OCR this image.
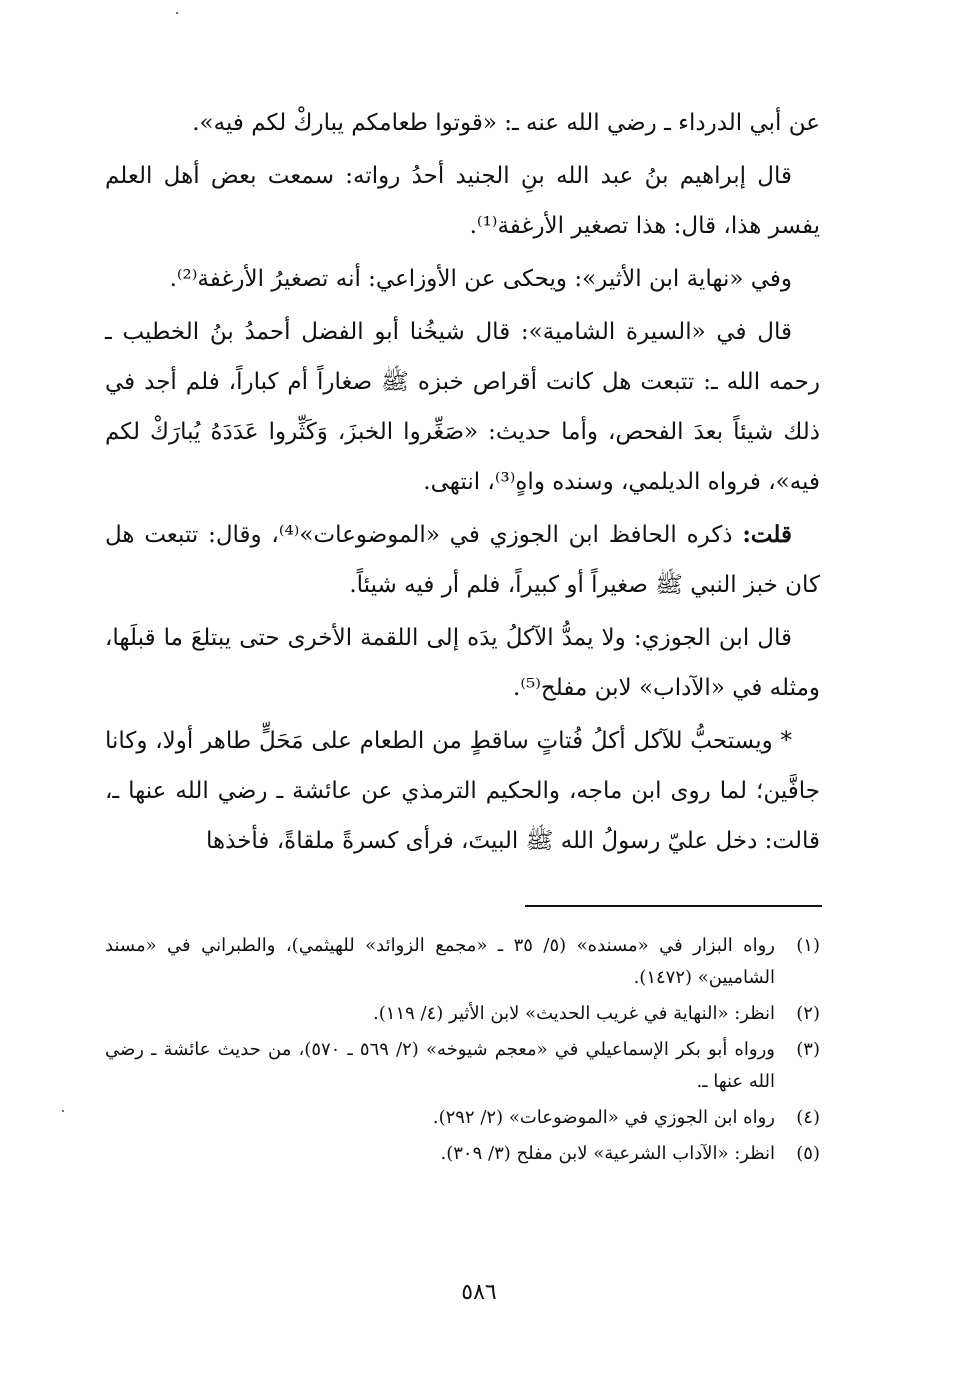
عن أبي الدرداء ـ رضي الله عنه ـ: «قوتوا طعامكم يباركْ لكم فيه».

قال إبراهيم بنُ عبد الله بنِ الجنيد أحدُ رواته: سمعت بعض أهل العلم يفسر هذا، قال: هذا تصغير الأرغفة⁽¹⁾.

وفي «نهاية ابن الأثير»: ويحكى عن الأوزاعي: أنه تصغيرُ الأرغفة⁽²⁾.

قال في «السيرة الشامية»: قال شيخُنا أبو الفضل أحمدُ بنُ الخطيب ـ رحمه الله ـ: تتبعت هل كانت أقراص خبزه ﷺ صغاراً أم كباراً، فلم أجد في ذلك شيئاً بعدَ الفحص، وأما حديث: «صَغِّروا الخبزَ، وَكَثِّروا عَدَدَهُ يُبارَكْ لكم فيه»، فرواه الديلمي، وسنده واهٍ⁽³⁾، انتهى.

قلت: ذكره الحافظ ابن الجوزي في «الموضوعات»⁽⁴⁾، وقال: تتبعت هل كان خبز النبي ﷺ صغيراً أو كبيراً، فلم أر فيه شيئاً.

قال ابن الجوزي: ولا يمدُّ الآكلُ يدَه إلى اللقمة الأخرى حتى يبتلعَ ما قبلَها، ومثله في «الآداب» لابن مفلح⁽⁵⁾.

* ويستحبُّ للآكل أكلُ فُتاتٍ ساقطٍ من الطعام على مَحَلٍّ طاهر أولا، وكانا جافَّين؛ لما روى ابن ماجه، والحكيم الترمذي عن عائشة ـ رضي الله عنها ـ، قالت: دخل عليّ رسولُ الله ﷺ البيتَ، فرأى كسرةً ملقاةً، فأخذها

(١)
رواه البزار في «مسنده» (٥/ ٣٥ ـ «مجمع الزوائد» للهيثمي)، والطبراني في «مسند الشاميين» (١٤٧٢).
(٢)
انظر: «النهاية في غريب الحديث» لابن الأثير (٤/ ١١٩).
(٣)
ورواه أبو بكر الإسماعيلي في «معجم شيوخه» (٢/ ٥٦٩ ـ ٥٧٠)، من حديث عائشة ـ رضي الله عنها ـ.
(٤)
رواه ابن الجوزي في «الموضوعات» (٢/ ٢٩٢).
(٥)
انظر: «الآداب الشرعية» لابن مفلح (٣/ ٣٠٩).
٥٨٦
